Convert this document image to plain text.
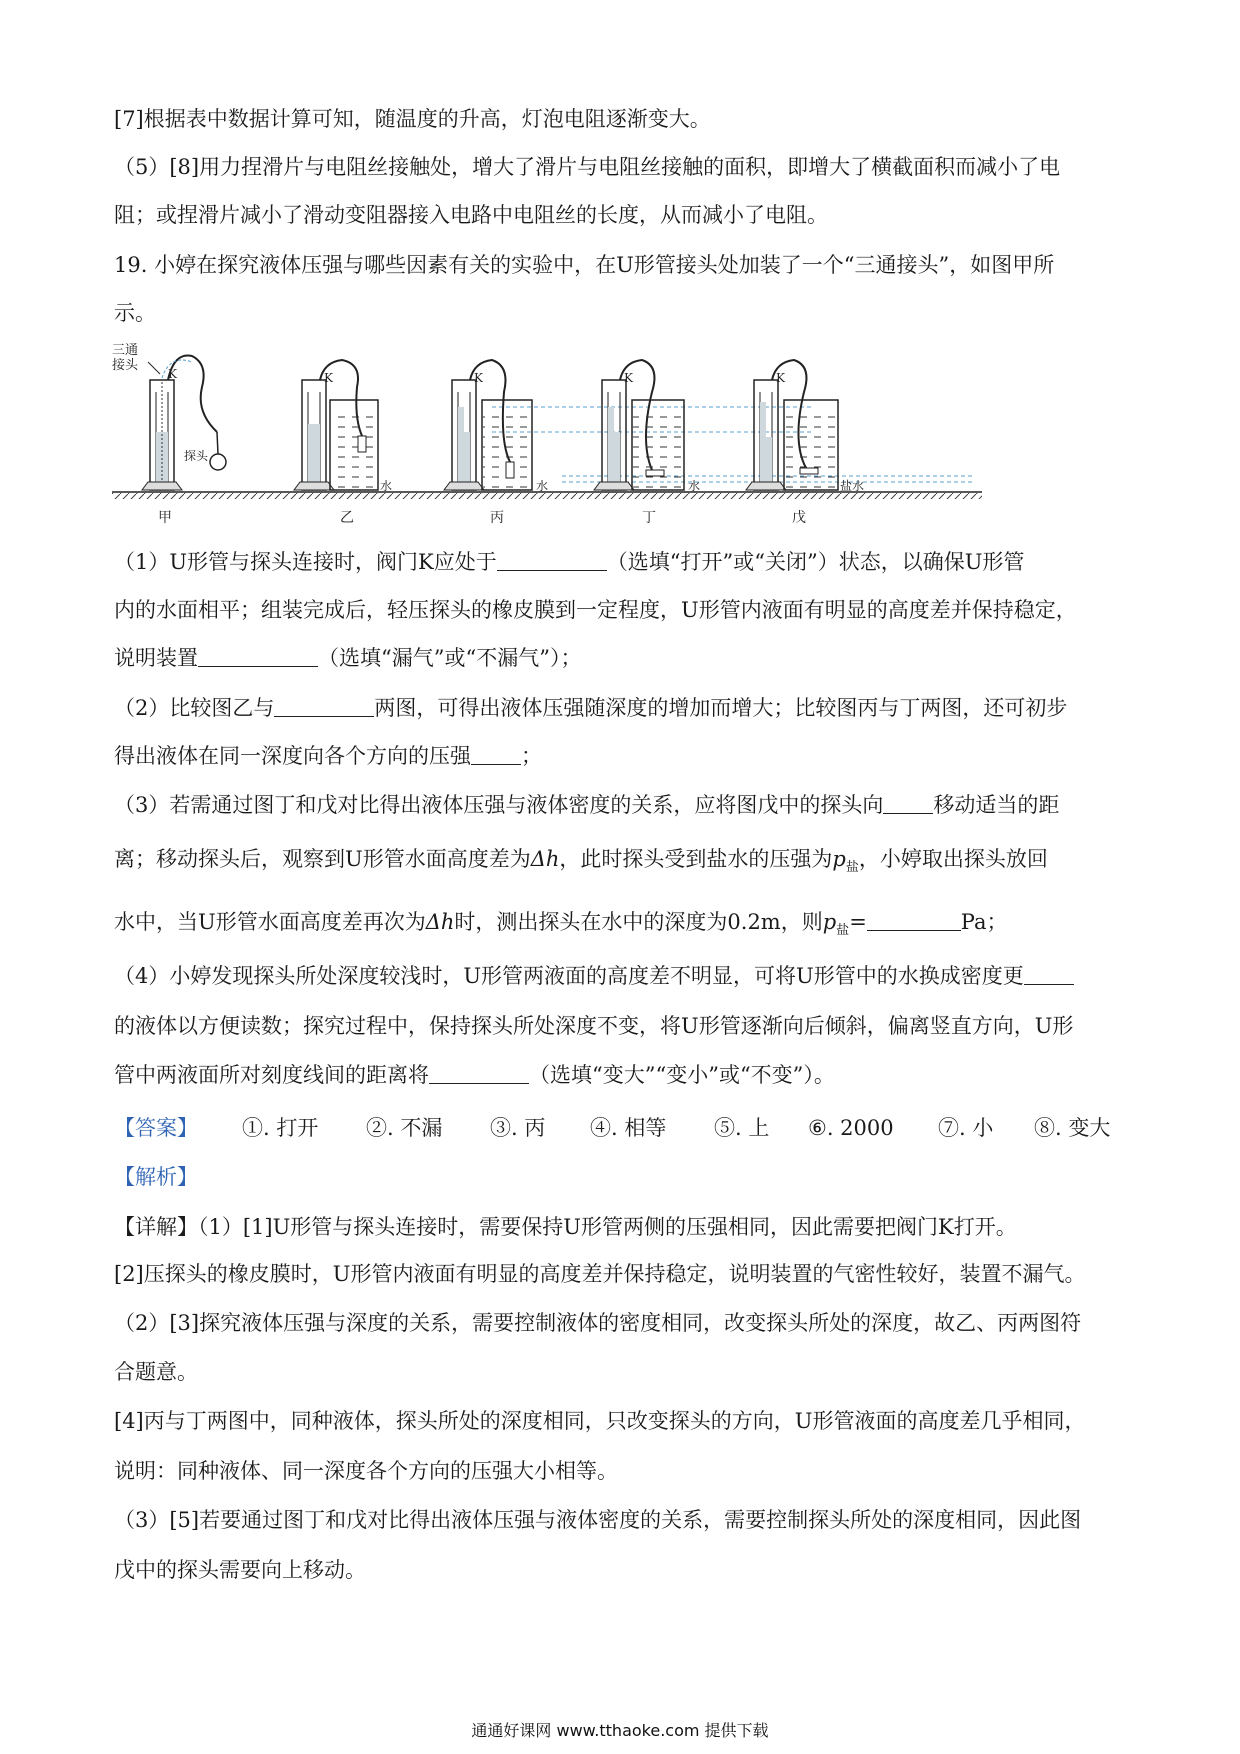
[7]根据表中数据计算可知，随温度的升高，灯泡电阻逐渐变大。
（5）[8]用力捏滑片与电阻丝接触处，增大了滑片与电阻丝接触的面积，即增大了横截面积而减小了电
阻；或捏滑片减小了滑动变阻器接入电路中电阻丝的长度，从而减小了电阻。
19. 小婷在探究液体压强与哪些因素有关的实验中，在U形管接头处加装了一个“三通接头”，如图甲所
示。
三通
接头
K
探头
K
水
K
水
K
水
K
盐水
甲	乙	丙	丁	戊
（1）U形管与探头连接时，阀门K应处于	（选填“打开”或“关闭”）状态，以确保U形管
内的水面相平；组装完成后，轻压探头的橡皮膜到一定程度，U形管内液面有明显的高度差并保持稳定，
说明装置	（选填“漏气”或“不漏气”）；
（2）比较图乙与	两图，可得出液体压强随深度的增加而增大；比较图丙与丁两图，还可初步
得出液体在同一深度向各个方向的压强 ；
（3）若需通过图丁和戊对比得出液体压强与液体密度的关系，应将图戊中的探头向 移动适当的距
离；移动探头后，观察到U形管水面高度差为Δh，此时探头受到盐水的压强为$p_盐$，小婷取出探头放回
水中，当U形管水面高度差再次为Δh时，测出探头在水中的深度为0.2m，则$p_盐=$	Pa；
（4）小婷发现探头所处深度较浅时，U形管两液面的高度差不明显，可将U形管中的水换成密度更
的液体以方便读数；探究过程中，保持探头所处深度不变，将U形管逐渐向后倾斜，偏离竖直方向，U形
管中两液面所对刻度线间的距离将	（选填“变大”“变小”或“不变”）。
【答案】 ①. 打开 ②. 不漏 ③. 丙 ④. 相等 ⑤. 上 ⑥. 2000 ⑦. 小 ⑧. 变大
【解析】
【详解】（1）[1]U形管与探头连接时，需要保持U形管两侧的压强相同，因此需要把阀门K打开。
[2]压探头的橡皮膜时，U形管内液面有明显的高度差并保持稳定，说明装置的气密性较好，装置不漏气。
（2）[3]探究液体压强与深度的关系，需要控制液体的密度相同，改变探头所处的深度，故乙、丙两图符
合题意。
[4]丙与丁两图中，同种液体，探头所处的深度相同，只改变探头的方向，U形管液面的高度差几乎相同，
说明：同种液体、同一深度各个方向的压强大小相等。
（3）[5]若要通过图丁和戊对比得出液体压强与液体密度的关系，需要控制探头所处的深度相同，因此图
戊中的探头需要向上移动。
通通好课网 www.tthaoke.com 提供下载
